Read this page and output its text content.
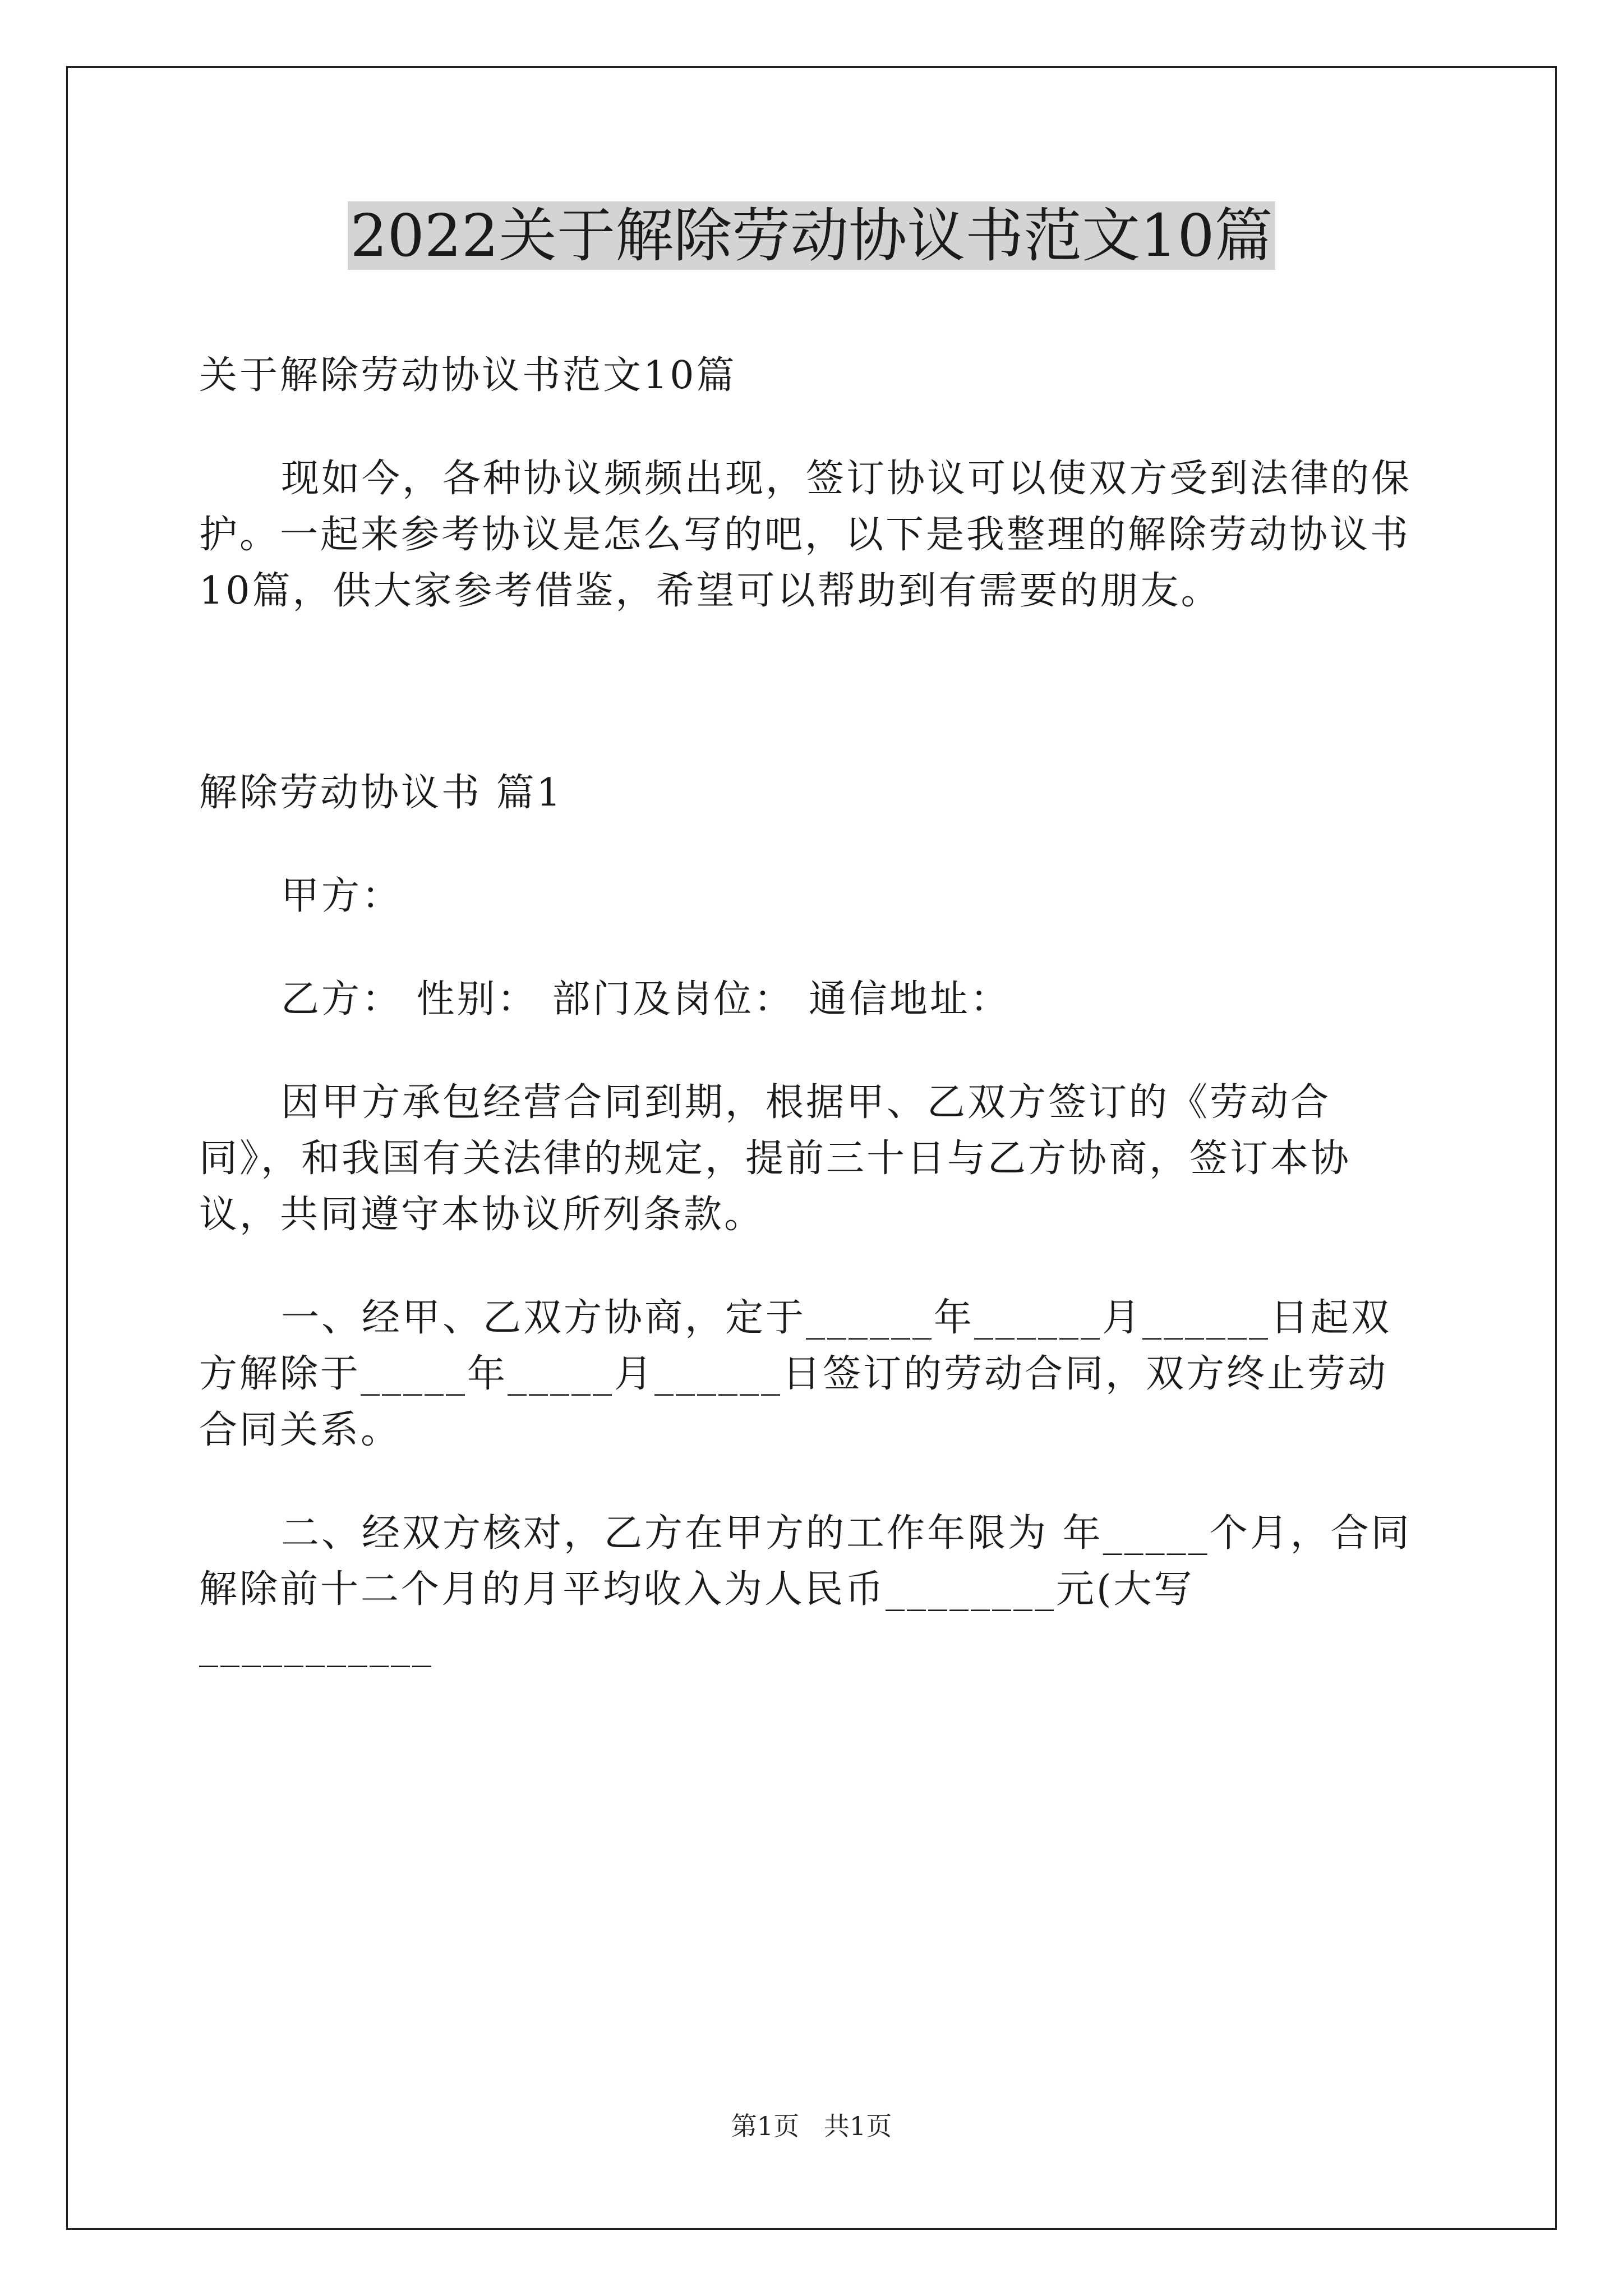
2022关于解除劳动协议书范文10篇

关于解除劳动协议书范文10篇

现如今，各种协议频频出现，签订协议可以使双方受到法律的保护。一起来参考协议是怎么写的吧，以下是我整理的解除劳动协议书10篇，供大家参考借鉴，希望可以帮助到有需要的朋友。

解除劳动协议书 篇1

甲方：

乙方： 性别： 部门及岗位： 通信地址：

因甲方承包经营合同到期，根据甲、乙双方签订的《劳动合同》，和我国有关法律的规定，提前三十日与乙方协商，签订本协议，共同遵守本协议所列条款。

一、经甲、乙双方协商，定于______年______月______日起双方解除于_____年_____月______日签订的劳动合同，双方终止劳动合同关系。

二、经双方核对，乙方在甲方的工作年限为 年_____个月，合同解除前十二个月的月平均收入为人民币________元(大写___________

第1页   共1页
